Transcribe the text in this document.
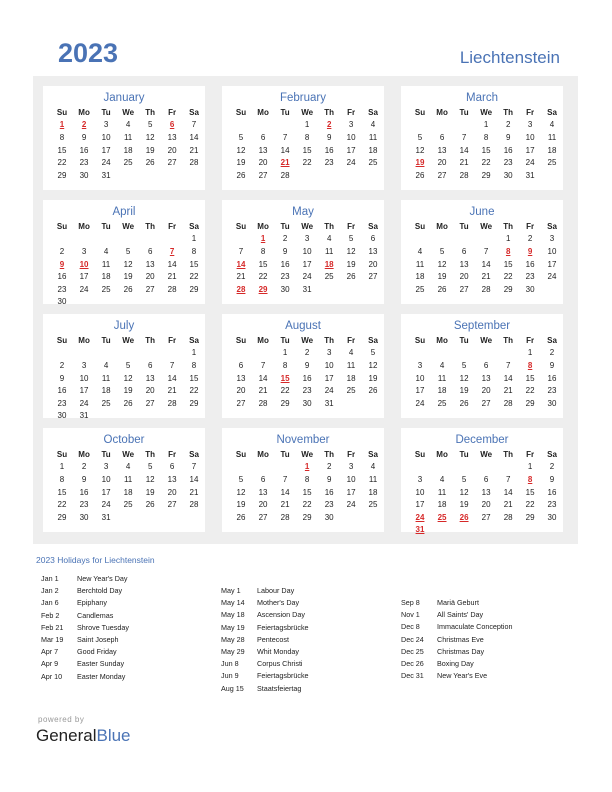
2023	Liechtenstein
January
Su	Mo	Tu	We	Th	Fr	Sa
1	2	3	4	5	6	7
8	9	10	11	12	13	14
15	16	17	18	19	20	21
22	23	24	25	26	27	28
29	30	31				
February
Su	Mo	Tu	We	Th	Fr	Sa
			1	2	3	4
5	6	7	8	9	10	11
12	13	14	15	16	17	18
19	20	21	22	23	24	25
26	27	28				
March
Su	Mo	Tu	We	Th	Fr	Sa
			1	2	3	4
5	6	7	8	9	10	11
12	13	14	15	16	17	18
19	20	21	22	23	24	25
26	27	28	29	30	31	
April
Su	Mo	Tu	We	Th	Fr	Sa
						1
2	3	4	5	6	7	8
9	10	11	12	13	14	15
16	17	18	19	20	21	22
23	24	25	26	27	28	29
30						
May
Su	Mo	Tu	We	Th	Fr	Sa
	1	2	3	4	5	6
7	8	9	10	11	12	13
14	15	16	17	18	19	20
21	22	23	24	25	26	27
28	29	30	31			
June
Su	Mo	Tu	We	Th	Fr	Sa
				1	2	3
4	5	6	7	8	9	10
11	12	13	14	15	16	17
18	19	20	21	22	23	24
25	26	27	28	29	30	
July
Su	Mo	Tu	We	Th	Fr	Sa
						1
2	3	4	5	6	7	8
9	10	11	12	13	14	15
16	17	18	19	20	21	22
23	24	25	26	27	28	29
30	31					
August
Su	Mo	Tu	We	Th	Fr	Sa
		1	2	3	4	5
6	7	8	9	10	11	12
13	14	15	16	17	18	19
20	21	22	23	24	25	26
27	28	29	30	31		
September
Su	Mo	Tu	We	Th	Fr	Sa
					1	2
3	4	5	6	7	8	9
10	11	12	13	14	15	16
17	18	19	20	21	22	23
24	25	26	27	28	29	30
October
Su	Mo	Tu	We	Th	Fr	Sa
1	2	3	4	5	6	7
8	9	10	11	12	13	14
15	16	17	18	19	20	21
22	23	24	25	26	27	28
29	30	31				
November
Su	Mo	Tu	We	Th	Fr	Sa
			1	2	3	4
5	6	7	8	9	10	11
12	13	14	15	16	17	18
19	20	21	22	23	24	25
26	27	28	29	30		
December
Su	Mo	Tu	We	Th	Fr	Sa
					1	2
3	4	5	6	7	8	9
10	11	12	13	14	15	16
17	18	19	20	21	22	23
24	25	26	27	28	29	30
31						
2023 Holidays for Liechtenstein
Jan 1	New Year's Day
Jan 2	Berchtold Day
Jan 6	Epiphany
Feb 2 Candlemas
Feb 21 Shrove Tuesday
Mar 19 Saint Joseph
Apr 7	Good Friday
Apr 9	Easter Sunday
Apr 10 Easter Monday
May 1 Labour Day
May 14 Mother's Day
May 18 Ascension Day
May 19 Feiertagsbrücke
May 28 Pentecost
May 29 Whit Monday
Jun 8	Corpus Christi
Jun 9	Feiertagsbrücke
Aug 15 Staatsfeiertag
Sep 8 Mariä Geburt
Nov 1 All Saints' Day
Dec 8 Immaculate Conception
Dec 24 Christmas Eve
Dec 25 Christmas Day
Dec 26 Boxing Day
Dec 31 New Year's Eve
powered by
GeneralBlue
